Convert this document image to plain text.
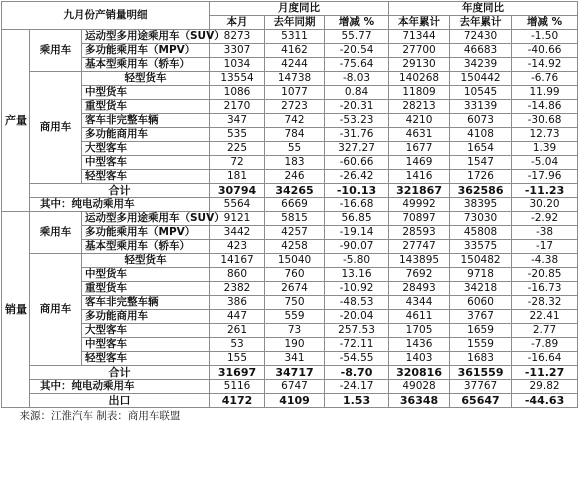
九月份产销量明细			月度同比			年度同比		
			本月	去年同期	增减 %	本年累计	去年累计	增减 %
产量	乘用车	运动型多用途乘用车（SUV）	8273	5311	55.77	71344	72430	-1.50
		多功能乘用车（MPV）	3307	4162	-20.54	27700	46683	-40.66
		基本型乘用车（轿车）	1034	4244	-75.64	29130	34239	-14.92
	商用车	轻型货车	13554	14738	-8.03	140268	150442	-6.76
		中型货车	1086	1077	0.84	11809	10545	11.99
		重型货车	2170	2723	-20.31	28213	33139	-14.86
		客车非完整车辆	347	742	-53.23	4210	6073	-30.68
		多功能商用车	535	784	-31.76	4631	4108	12.73
		大型客车	225	55	327.27	1677	1654	1.39
		中型客车	72	183	-60.66	1469	1547	-5.04
		轻型客车	181	246	-26.42	1416	1726	-17.96
	合计		30794	34265	-10.13	321867	362586	-11.23
	其中：纯电动乘用车		5564	6669	-16.68	49992	38395	30.20
销量	乘用车	运动型多用途乘用车（SUV）	9121	5815	56.85	70897	73030	-2.92
		多功能乘用车（MPV）	3442	4257	-19.14	28593	45808	-38
		基本型乘用车（轿车）	423	4258	-90.07	27747	33575	-17
	商用车	轻型货车	14167	15040	-5.80	143895	150482	-4.38
		中型货车	860	760	13.16	7692	9718	-20.85
		重型货车	2382	2674	-10.92	28493	34218	-16.73
		客车非完整车辆	386	750	-48.53	4344	6060	-28.32
		多功能商用车	447	559	-20.04	4611	3767	22.41
		大型客车	261	73	257.53	1705	1659	2.77
		中型客车	53	190	-72.11	1436	1559	-7.89
		轻型客车	155	341	-54.55	1403	1683	-16.64
	合计		31697	34717	-8.70	320816	361559	-11.27
	其中：纯电动乘用车		5116	6747	-24.17	49028	37767	29.82
	出口		4172	4109	1.53	36348	65647	-44.63
来源：江淮汽车 制表：商用车联盟								
